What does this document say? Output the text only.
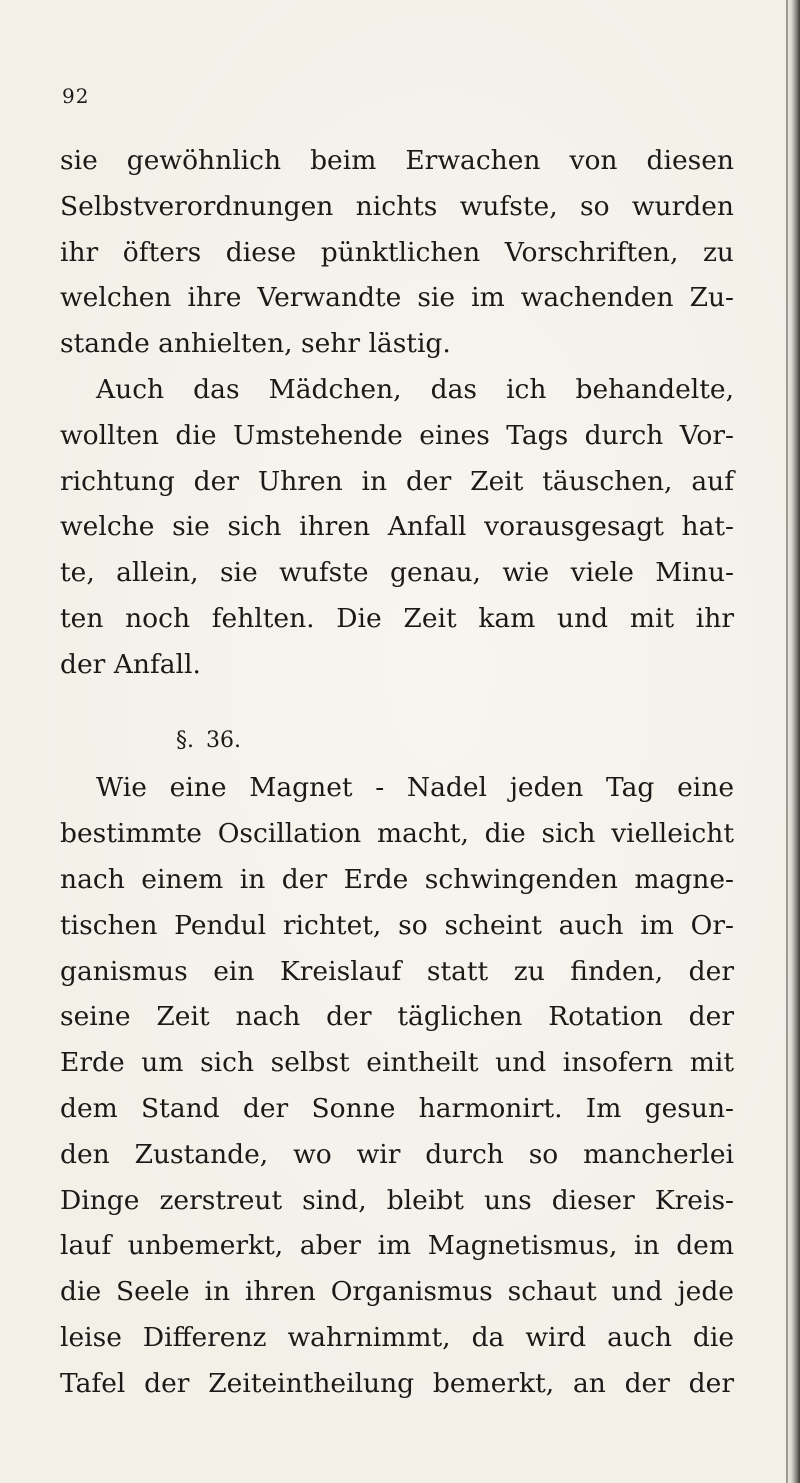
92
sie gewöhnlich beim Erwachen von diesen
Selbstverordnungen nichts wufste, so wurden
ihr öfters diese pünktlichen Vorschriften, zu
welchen ihre Verwandte sie im wachenden Zu-
stande anhielten, sehr lästig.
Auch das Mädchen, das ich behandelte,
wollten die Umstehende eines Tags durch Vor-
richtung der Uhren in der Zeit täuschen, auf
welche sie sich ihren Anfall vorausgesagt hat-
te, allein, sie wufste genau, wie viele Minu-
ten noch fehlten. Die Zeit kam und mit ihr
der Anfall.
§. 36.
Wie eine Magnet - Nadel jeden Tag eine
bestimmte Oscillation macht, die sich vielleicht
nach einem in der Erde schwingenden magne-
tischen Pendul richtet, so scheint auch im Or-
ganismus ein Kreislauf statt zu finden, der
seine Zeit nach der täglichen Rotation der
Erde um sich selbst eintheilt und insofern mit
dem Stand der Sonne harmonirt. Im gesun-
den Zustande, wo wir durch so mancherlei
Dinge zerstreut sind, bleibt uns dieser Kreis-
lauf unbemerkt, aber im Magnetismus, in dem
die Seele in ihren Organismus schaut und jede
leise Differenz wahrnimmt, da wird auch die
Tafel der Zeiteintheilung bemerkt, an der der
